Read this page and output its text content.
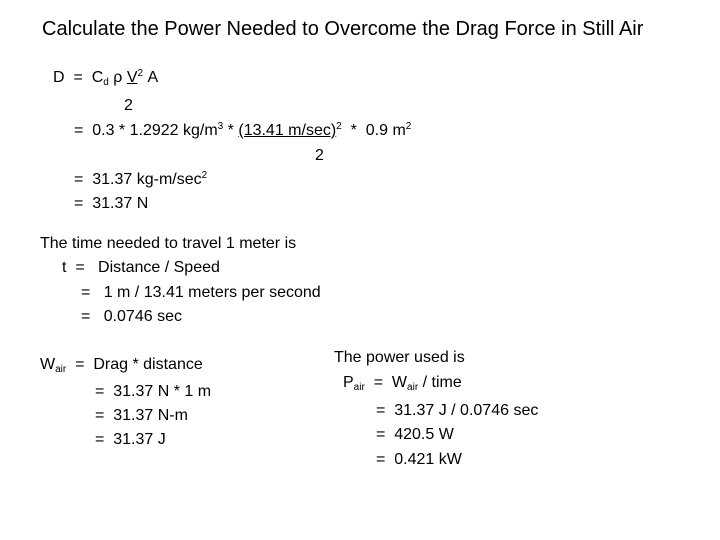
Calculate the Power Needed to Overcome the Drag Force in Still Air
$D = C_d$ ρ $V^2$ A
2
= 0.3 * 1.2922 $kg/m^3 * (13.41$ m/sec)$^2$ * 0.9 $m^2$
2
= 31.37 $kg-m/\sec^2$
= 31.37 N
The time needed to travel 1 meter is
t = Distance / Speed
= 1 m / 13.41 meters per second
= 0.0746 sec
$W_{air}$ = Drag * distance
= 31.37 N * 1 m
= 31.37 N-m
= 31.37 J
The power used is
$P_{air} = W_{air}$ / time
= 31.37 J / 0.0746 sec
= 420.5 W
= 0.421 kW
